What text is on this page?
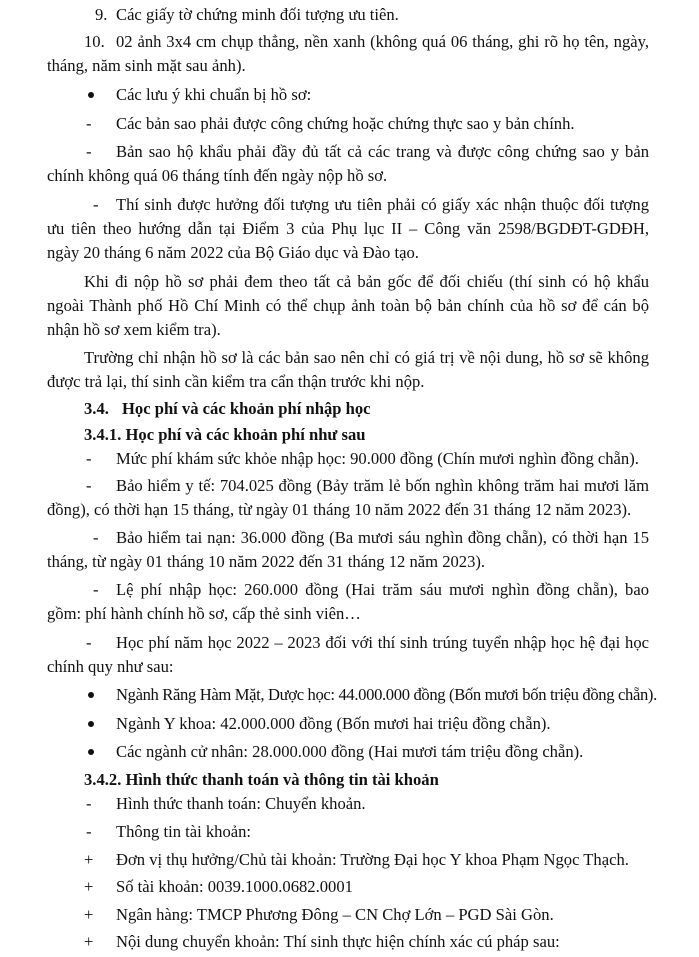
9. Các giấy tờ chứng minh đối tượng ưu tiên.
10. 02 ảnh 3x4 cm chụp thẳng, nền xanh (không quá 06 tháng, ghi rõ họ tên, ngày,
tháng, năm sinh mặt sau ảnh).
Các lưu ý khi chuẩn bị hồ sơ:
- Các bản sao phải được công chứng hoặc chứng thực sao y bản chính.
- Bản sao hộ khẩu phải đầy đủ tất cả các trang và được công chứng sao y bản
chính không quá 06 tháng tính đến ngày nộp hồ sơ.
- Thí sinh được hưởng đối tượng ưu tiên phải có giấy xác nhận thuộc đối tượng
ưu tiên theo hướng dẫn tại Điểm 3 của Phụ lục II – Công văn 2598/BGDĐT-GDĐH,
ngày 20 tháng 6 năm 2022 của Bộ Giáo dục và Đào tạo.
Khi đi nộp hồ sơ phải đem theo tất cả bản gốc để đối chiếu (thí sinh có hộ khẩu
ngoài Thành phố Hồ Chí Minh có thể chụp ảnh toàn bộ bản chính của hồ sơ để cán bộ
nhận hồ sơ xem kiểm tra).
Trường chỉ nhận hồ sơ là các bản sao nên chỉ có giá trị về nội dung, hồ sơ sẽ không
được trả lại, thí sinh cần kiểm tra cẩn thận trước khi nộp.
3.4. Học phí và các khoản phí nhập học
3.4.1. Học phí và các khoản phí như sau
- Mức phí khám sức khỏe nhập học: 90.000 đồng (Chín mươi nghìn đồng chẵn).
- Bảo hiểm y tế: 704.025 đồng (Bảy trăm lẻ bốn nghìn không trăm hai mươi lăm
đồng), có thời hạn 15 tháng, từ ngày 01 tháng 10 năm 2022 đến 31 tháng 12 năm 2023).
- Bảo hiểm tai nạn: 36.000 đồng (Ba mươi sáu nghìn đồng chẵn), có thời hạn 15
tháng, từ ngày 01 tháng 10 năm 2022 đến 31 tháng 12 năm 2023).
- Lệ phí nhập học: 260.000 đồng (Hai trăm sáu mươi nghìn đồng chẵn), bao
gồm: phí hành chính hồ sơ, cấp thẻ sinh viên…
- Học phí năm học 2022 – 2023 đối với thí sinh trúng tuyển nhập học hệ đại học
chính quy như sau:
Ngành Răng Hàm Mặt, Dược học: 44.000.000 đồng (Bốn mươi bốn triệu đồng chẵn).
Ngành Y khoa: 42.000.000 đồng (Bốn mươi hai triệu đồng chẵn).
Các ngành cử nhân: 28.000.000 đồng (Hai mươi tám triệu đồng chẵn).
3.4.2. Hình thức thanh toán và thông tin tài khoản
- Hình thức thanh toán: Chuyển khoản.
- Thông tin tài khoản:
+ Đơn vị thụ hưởng/Chủ tài khoản: Trường Đại học Y khoa Phạm Ngọc Thạch.
+ Số tài khoản: 0039.1000.0682.0001
+ Ngân hàng: TMCP Phương Đông – CN Chợ Lớn – PGD Sài Gòn.
+ Nội dung chuyển khoản: Thí sinh thực hiện chính xác cú pháp sau:
